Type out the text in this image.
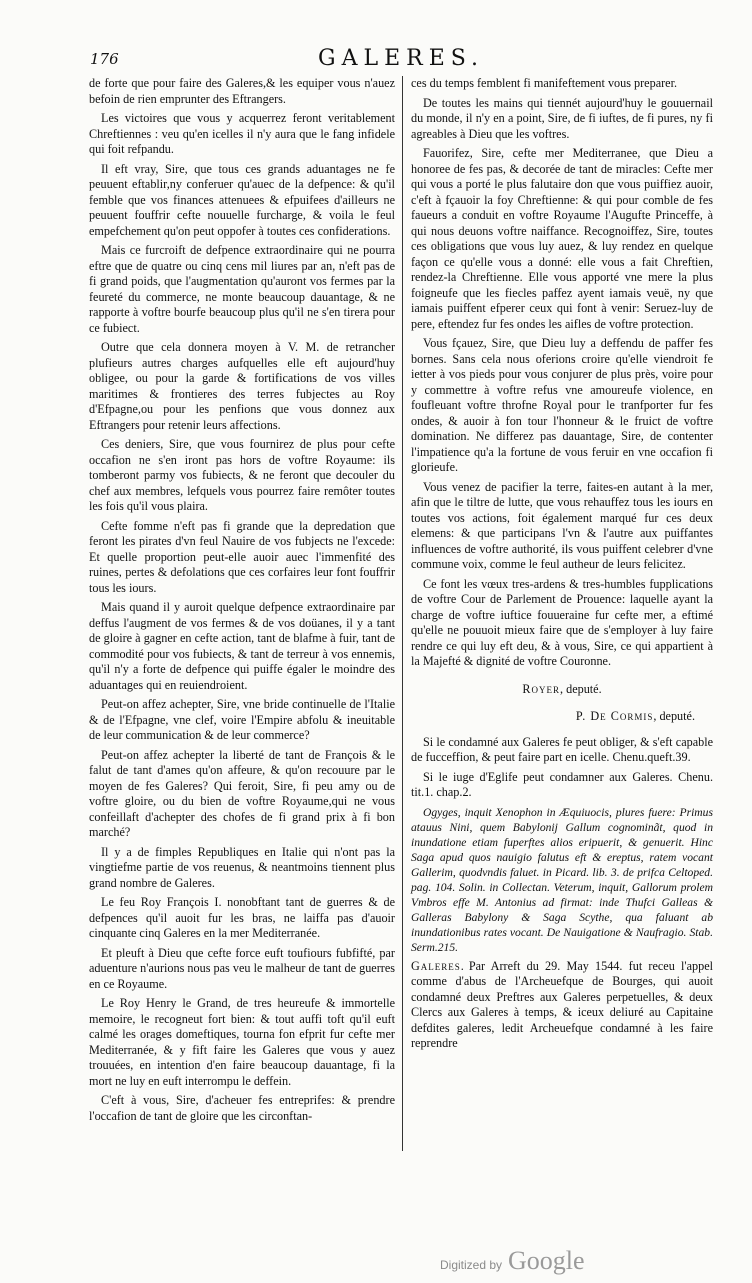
176	GALERES.

de forte que pour faire des Galeres,& les equiper vous n'auez befoin de rien emprunter des Eftrangers.

Les victoires que vous y acquerrez feront veritablement Chreftiennes : veu qu'en icelles il n'y aura que le fang infidele qui foit refpandu.

Il eft vray, Sire, que tous ces grands aduantages ne fe peuuent eftablir,ny conferuer qu'auec de la defpence: & qu'il femble que vos finances attenuees & efpuifees d'ailleurs ne peuuent fouffrir cefte nouuelle furcharge, & voila le feul empefchement qu'on peut oppofer à toutes ces confiderations.

Mais ce furcroift de defpence extraordinaire qui ne pourra eftre que de quatre ou cinq cens mil liures par an, n'eft pas de fi grand poids, que l'augmentation qu'auront vos fermes par la feureté du commerce, ne monte beaucoup dauantage, & ne rapporte à voftre bourfe beaucoup plus qu'il ne s'en tirera pour ce fubiect.

Outre que cela donnera moyen à V. M. de retrancher plufieurs autres charges aufquelles elle eft aujourd'huy obligee, ou pour la garde & fortifications de vos villes maritimes & frontieres des terres fubjectes au Roy d'Efpagne,ou pour les penfions que vous donnez aux Eftrangers pour retenir leurs affections.

Ces deniers, Sire, que vous fournirez de plus pour cefte occafion ne s'en iront pas hors de voftre Royaume: ils tomberont parmy vos fubiects, & ne feront que decouler du chef aux membres, lefquels vous pourrez faire remôter toutes les fois qu'il vous plaira.

Cefte fomme n'eft pas fi grande que la depredation que feront les pirates d'vn feul Nauire de vos fubjects ne l'excede: Et quelle proportion peut-elle auoir auec l'immenfité des ruines, pertes & defolations que ces corfaires leur font fouffrir tous les iours.

Mais quand il y auroit quelque defpence extraordinaire par deffus l'augment de vos fermes & de vos doüanes, il y a tant de gloire à gagner en cefte action, tant de blafme à fuir, tant de commodité pour vos fubiects, & tant de terreur à vos ennemis, qu'il n'y a forte de defpence qui puiffe égaler le moindre des aduantages qui en reuiendroient.

Peut-on affez achepter, Sire, vne bride continuelle de l'Italie & de l'Efpagne, vne clef, voire l'Empire abfolu & ineuitable de leur communication & de leur commerce?

Peut-on affez achepter la liberté de tant de François & le falut de tant d'ames qu'on affeure, & qu'on recouure par le moyen de fes Galeres? Qui feroit, Sire, fi peu amy ou de voftre gloire, ou du bien de voftre Royaume,qui ne vous confeillaft d'achepter des chofes de fi grand prix à fi bon marché?

Il y a de fimples Republiques en Italie qui n'ont pas la vingtiefme partie de vos reuenus, & neantmoins tiennent plus grand nombre de Galeres.

Le feu Roy François I. nonobftant tant de guerres & de defpences qu'il auoit fur les bras, ne laiffa pas d'auoir cinquante cinq Galeres en la mer Mediterranée.

Et pleuft à Dieu que cefte force euft toufiours fubfifté, par aduenture n'aurions nous pas veu le malheur de tant de guerres en ce Royaume.

Le Roy Henry le Grand, de tres heureufe & immortelle memoire, le recogneut fort bien: & tout auffi toft qu'il euft calmé les orages domeftiques, tourna fon efprit fur cefte mer Mediterranée, & y fift faire les Galeres que vous y auez trouuées, en intention d'en faire beaucoup dauantage, fi la mort ne luy en euft interrompu le deffein.

C'eft à vous, Sire, d'acheuer fes entreprifes: & prendre l'occafion de tant de gloire que les circonftan-

ces du temps femblent fi manifeftement vous preparer.

De toutes les mains qui tiennét aujourd'huy le gouuernail du monde, il n'y en a point, Sire, de fi iuftes, de fi pures, ny fi agreables à Dieu que les voftres.

Fauorifez, Sire, cefte mer Mediterranee, que Dieu a honoree de fes pas, & decorée de tant de miracles: Cefte mer qui vous a porté le plus falutaire don que vous puiffiez auoir, c'eft à fçauoir la foy Chreftienne: & qui pour comble de fes faueurs a conduit en voftre Royaume l'Augufte Princeffe, à qui nous deuons voftre naiffance. Recognoiffez, Sire, toutes ces obligations que vous luy auez, & luy rendez en quelque façon ce qu'elle vous a donné: elle vous a fait Chreftien, rendez-la Chreftienne. Elle vous apporté vne mere la plus foigneufe que les fiecles paffez ayent iamais veuë, ny que iamais puiffent efperer ceux qui font à venir: Seruez-luy de pere, eftendez fur fes ondes les aifles de voftre protection.

Vous fçauez, Sire, que Dieu luy a deffendu de paffer fes bornes. Sans cela nous oferions croire qu'elle viendroit fe ietter à vos pieds pour vous conjurer de plus près, voire pour y commettre à voftre refus vne amoureufe violence, en foufleuant voftre throfne Royal pour le tranfporter fur fes ondes, & auoir à fon tour l'honneur & le fruict de voftre domination. Ne differez pas dauantage, Sire, de contenter l'impatience qu'a la fortune de vous feruir en vne occafion fi glorieufe.

Vous venez de pacifier la terre, faites-en autant à la mer, afin que le tiltre de lutte, que vous rehauffez tous les iours en toutes vos actions, foit également marqué fur ces deux elemens: & que participans l'vn & l'autre aux puiffantes influences de voftre authorité, ils vous puiffent celebrer d'vne commune voix, comme le feul autheur de leurs felicitez.

Ce font les vœux tres-ardens & tres-humbles fupplications de voftre Cour de Parlement de Prouence: laquelle ayant la charge de voftre iuftice fouueraine fur cefte mer, a eftimé qu'elle ne pouuoit mieux faire que de s'employer à luy faire rendre ce qui luy eft deu, & à vous, Sire, ce qui appartient à la Majefté & dignité de voftre Couronne.

Royer, deputé.

P. De Cormis, deputé.

Si le condamné aux Galeres fe peut obliger, & s'eft capable de fucceffion, & peut faire part en icelle. Chenu.queft.39.

Si le iuge d'Eglife peut condamner aux Galeres. Chenu. tit.1. chap.2.

Ogyges, inquit Xenophon in Æquiuocis, plures fuere: Primus atauus Nini, quem Babylonij Gallum cognominãt, quod in inundatione etiam fuperftes alios eripuerit, & genuerit. Hinc Saga apud quos nauigio falutus eft & ereptus, ratem vocant Gallerim, quodvndis faluet. in Picard. lib. 3. de prifca Celtoped. pag. 104. Solin. in Collectan. Veterum, inquit, Gallorum prolem Vmbros effe M. Antonius ad firmat: inde Thufci Galleas & Galleras Babylony & Saga Scythe, qua faluant ab inundationibus rates vocant. De Nauigatione & Naufragio. Stab. Serm.215.

Galeres. Par Arreft du 29. May 1544. fut receu l'appel comme d'abus de l'Archeuefque de Bourges, qui auoit condamné deux Preftres aux Galeres perpetuelles, & deux Clercs aux Galeres à temps, & iceux deliuré au Capitaine defdites galeres, ledit Archeuefque condamné à les faire reprendre

Digitized by Google
